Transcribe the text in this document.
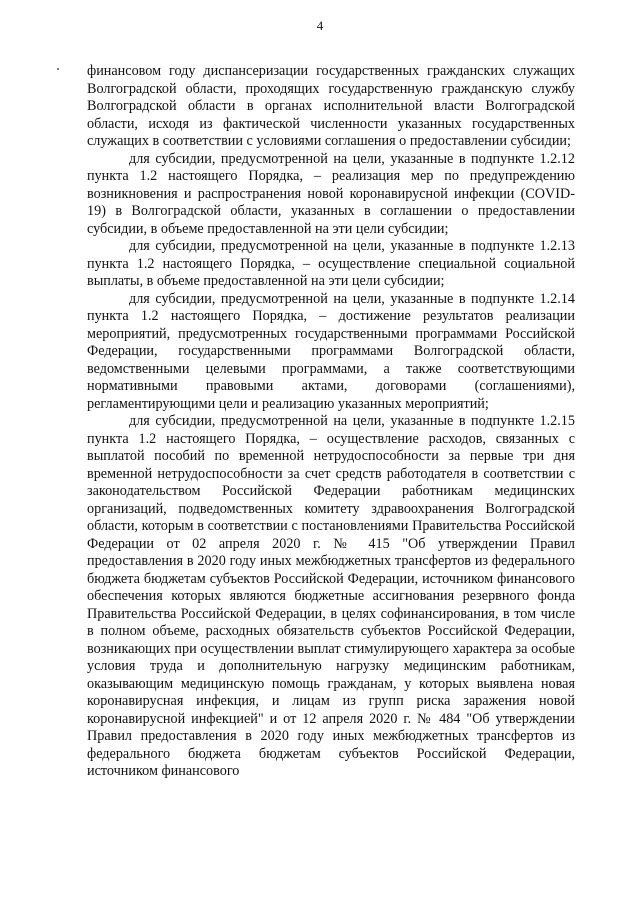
4

финансовом году диспансеризации государственных гражданских служащих Волгоградской области, проходящих государственную гражданскую службу Волгоградской области в органах исполнительной власти Волгоградской области, исходя из фактической численности указанных государственных служащих в соответствии с условиями соглашения о предоставлении субсидии;

для субсидии, предусмотренной на цели, указанные в подпункте 1.2.12 пункта 1.2 настоящего Порядка, – реализация мер по предупреждению возникновения и распространения новой коронавирусной инфекции (COVID-19) в Волгоградской области, указанных в соглашении о предоставлении субсидии, в объеме предоставленной на эти цели субсидии;

для субсидии, предусмотренной на цели, указанные в подпункте 1.2.13 пункта 1.2 настоящего Порядка, – осуществление специальной социальной выплаты, в объеме предоставленной на эти цели субсидии;

для субсидии, предусмотренной на цели, указанные в подпункте 1.2.14 пункта 1.2 настоящего Порядка, – достижение результатов реализации мероприятий, предусмотренных государственными программами Российской Федерации, государственными программами Волгоградской области, ведомственными целевыми программами, а также соответствующими нормативными правовыми актами, договорами (соглашениями), регламентирующими цели и реализацию указанных мероприятий;

для субсидии, предусмотренной на цели, указанные в подпункте 1.2.15 пункта 1.2 настоящего Порядка, – осуществление расходов, связанных с выплатой пособий по временной нетрудоспособности за первые три дня временной нетрудоспособности за счет средств работодателя в соответствии с законодательством Российской Федерации работникам медицинских организаций, подведомственных комитету здравоохранения Волгоградской области, которым в соответствии с постановлениями Правительства Российской Федерации от 02 апреля 2020 г. № 415 "Об утверждении Правил предоставления в 2020 году иных межбюджетных трансфертов из федерального бюджета бюджетам субъектов Российской Федерации, источником финансового обеспечения которых являются бюджетные ассигнования резервного фонда Правительства Российской Федерации, в целях софинансирования, в том числе в полном объеме, расходных обязательств субъектов Российской Федерации, возникающих при осуществлении выплат стимулирующего характера за особые условия труда и дополнительную нагрузку медицинским работникам, оказывающим медицинскую помощь гражданам, у которых выявлена новая коронавирусная инфекция, и лицам из групп риска заражения новой коронавирусной инфекцией" и от 12 апреля 2020 г. № 484 "Об утверждении Правил предоставления в 2020 году иных межбюджетных трансфертов из федерального бюджета бюджетам субъектов Российской Федерации, источником финансового
